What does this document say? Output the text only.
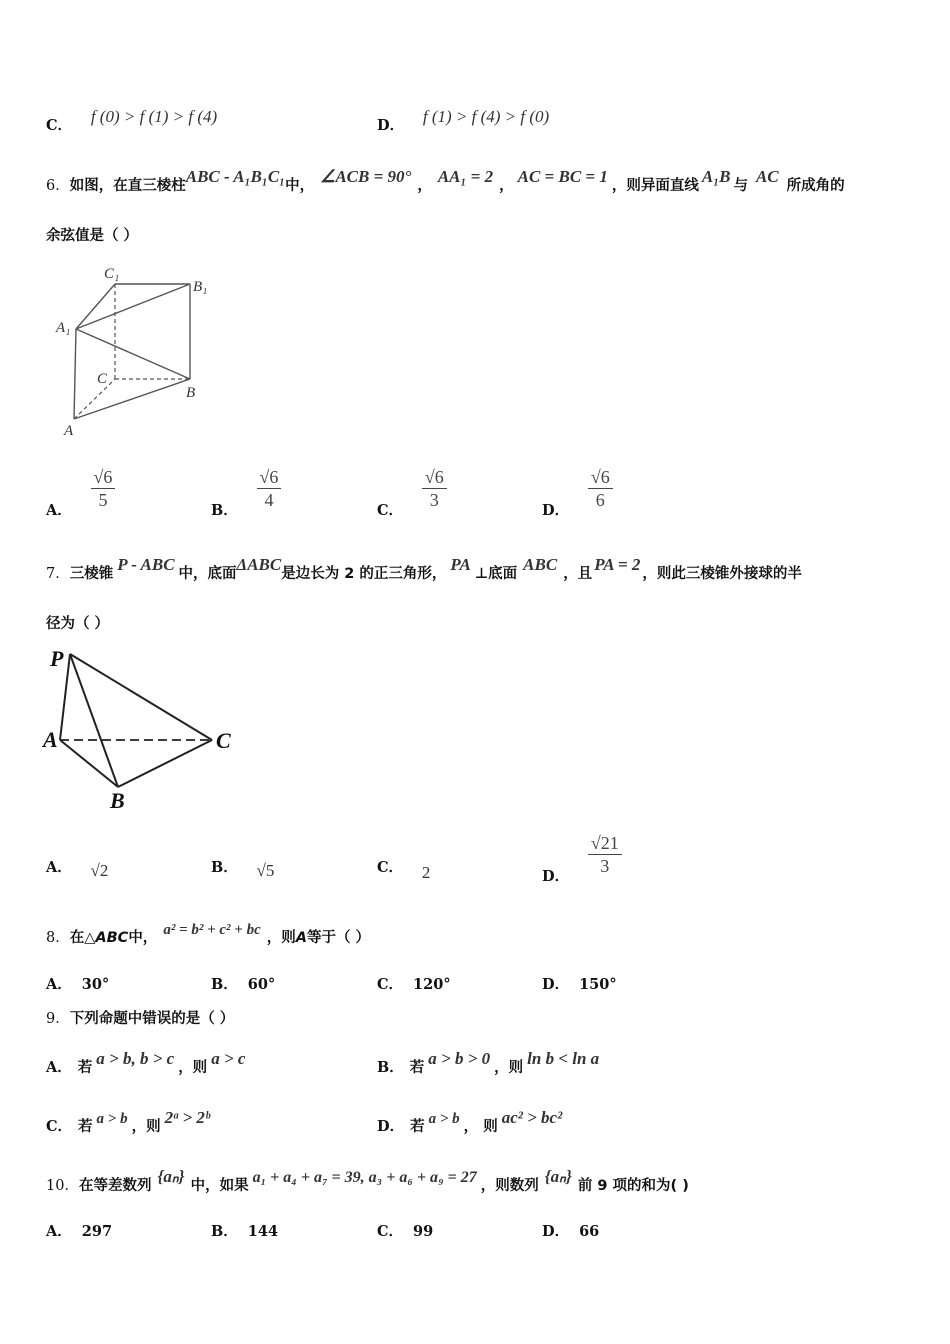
C． f (0) > f (1) > f (4)	D． f (1) > f (4) > f (0)
6．如图，在直三棱柱ABC - A₁B₁C₁中， ∠ACB = 90° ， AA₁ = 2 ， AC = BC = 1 ，则异面直线 A₁B 与 AC 所成角的
余弦值是（ ）
C₁
B₁
A₁
C
B
A
A． $\frac{√6}{5}$	B． $\frac{√6}{4}$	C． $\frac{√6}{3}$	D． $\frac{√6}{6}$
7．三棱锥 P - ABC 中，底面ΔABC是边长为 2 的正三角形， PA ⊥底面 ABC ，且 PA = 2 ，则此三棱锥外接球的半
径为（ ）
P
A
B
C
A． √2	B． √5	C． 2	D． $\frac{√21}{3}$
8．在△ABC中， a² = b² + c² + bc ，则A等于（ ）
A． 30°	B． 60°	C． 120°	D． 150°
9．下列命题中错误的是（ ）
A． 若 a > b, b > c ，则 a > c	B． 若 a > b > 0 ，则 ln b < ln a
C． 若 a > b ，则 2ᵃ > 2ᵇ	D． 若 a > b ， 则 ac² > bc²
10．在等差数列 {aₙ} 中，如果 a₁ + a₄ + a₇ = 39, a₃ + a₆ + a₉ = 27 ，则数列 {aₙ} 前 9 项的和为( )
A． 297	B． 144	C． 99	D． 66
